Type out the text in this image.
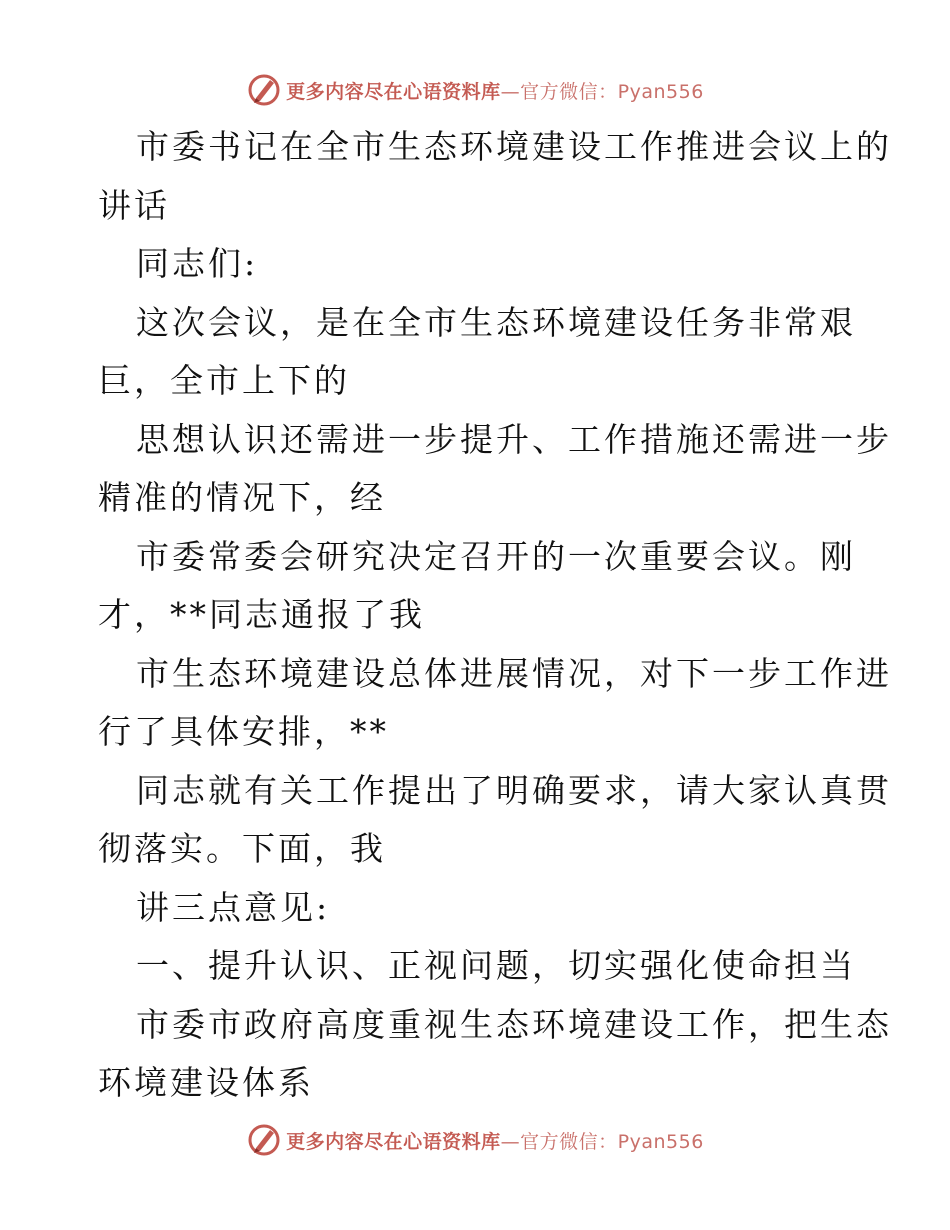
更多内容尽在心语资料库 —官方微信：Pyan556
市委书记在全市生态环境建设工作推进会议上的
讲话
同志们:
这次会议，是在全市生态环境建设任务非常艰
巨，全市上下的
思想认识还需进一步提升、工作措施还需进一步
精准的情况下，经
市委常委会研究决定召开的一次重要会议。刚
才，**同志通报了我
市生态环境建设总体进展情况，对下一步工作进
行了具体安排，**
同志就有关工作提出了明确要求，请大家认真贯
彻落实。下面，我
讲三点意见:
一、提升认识、正视问题，切实强化使命担当
市委市政府高度重视生态环境建设工作，把生态
环境建设体系
更多内容尽在心语资料库 —官方微信：Pyan556
